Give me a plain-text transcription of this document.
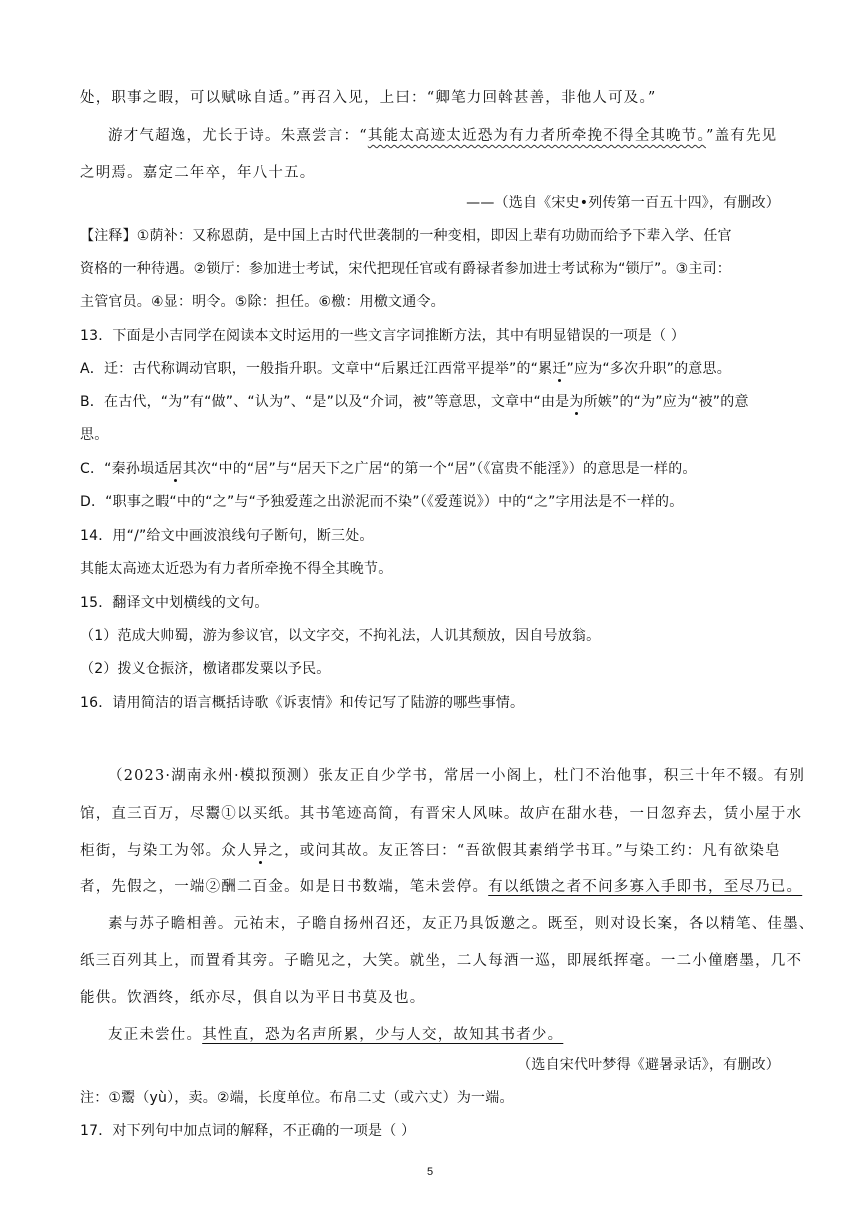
处，职事之暇，可以赋咏自适。”再召入见，上曰：“卿笔力回斡甚善，非他人可及。”
游才气超逸，尤长于诗。朱熹尝言：“其能太高迹太近恐为有力者所牵挽不得全其晚节。”盖有先见
之明焉。嘉定二年卒，年八十五。
——（选自《宋史•列传第一百五十四》，有删改）
【注释】①荫补：又称恩荫，是中国上古时代世袭制的一种变相，即因上辈有功勋而给予下辈入学、任官
资格的一种待遇。②锁厅：参加进士考试，宋代把现任官或有爵禄者参加进士考试称为“锁厅”。③主司：
主管官员。④显：明令。⑤除：担任。⑥檄：用檄文通令。
13．下面是小吉同学在阅读本文时运用的一些文言字词推断方法，其中有明显错误的一项是（ ）
A．迁：古代称调动官职，一般指升职。文章中“后累迁江西常平提举”的“累迁”应为“多次升职”的意思。
B．在古代，“为”有“做”、“认为”、“是”以及“介词，被”等意思，文章中“由是为所嫉”的“为”应为“被”的意
思。
C．“秦孙埙适居其次“中的“居”与“居天下之广居“的第一个“居”（《富贵不能淫》）的意思是一样的。
D．“职事之暇“中的“之”与“予独爱莲之出淤泥而不染”（《爱莲说》）中的“之”字用法是不一样的。
14．用“/”给文中画波浪线句子断句，断三处。
其能太高迹太近恐为有力者所牵挽不得全其晚节。
15．翻译文中划横线的文句。
（1）范成大帅蜀，游为参议官，以文字交，不拘礼法，人讥其颓放，因自号放翁。
（2）拨义仓振济，檄诸郡发粟以予民。
16．请用简洁的语言概括诗歌《诉衷情》和传记写了陆游的哪些事情。
（2023·湖南永州·模拟预测）张友正自少学书，常居一小阁上，杜门不治他事，积三十年不辍。有别
馆，直三百万，尽鬻①以买纸。其书笔迹高简，有晋宋人风味。故庐在甜水巷，一日忽弃去，赁小屋于水
柜街，与染工为邻。众人异之，或问其故。友正答曰：“吾欲假其素绡学书耳。”与染工约：凡有欲染皂
者，先假之，一端②酬二百金。如是日书数端，笔未尝停。有以纸馈之者不问多寡入手即书，至尽乃已。
素与苏子瞻相善。元祐末，子瞻自扬州召还，友正乃具饭邀之。既至，则对设长案，各以精笔、佳墨、
纸三百列其上，而置肴其旁。子瞻见之，大笑。就坐，二人每酒一巡，即展纸挥毫。一二小僮磨墨，几不
能供。饮酒终，纸亦尽，俱自以为平日书莫及也。
友正未尝仕。其性直，恐为名声所累，少与人交，故知其书者少。
（选自宋代叶梦得《避暑录话》，有删改）
注：①鬻（yù），卖。②端，长度单位。布帛二丈（或六丈）为一端。
17．对下列句中加点词的解释，不正确的一项是（ ）
5
